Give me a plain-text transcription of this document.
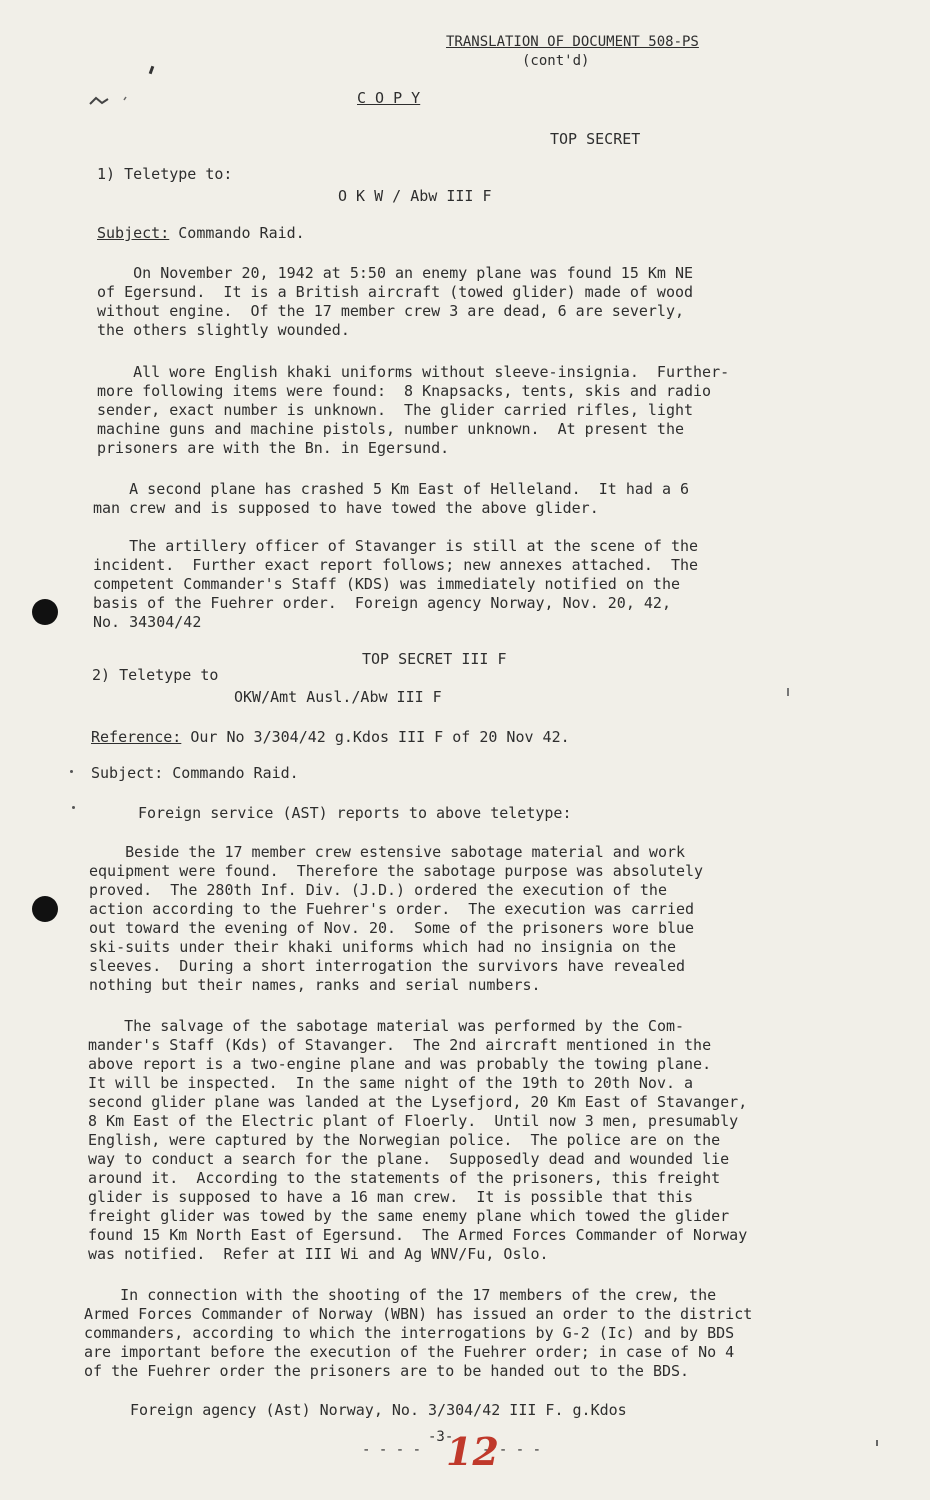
TRANSLATION OF DOCUMENT 508-PS
(cont'd)
C O P Y
TOP SECRET
1) Teletype to:
O K W / Abw III F
Subject: Commando Raid.
On November 20, 1942 at 5:50 an enemy plane was found 15 Km NE
of Egersund.  It is a British aircraft (towed glider) made of wood
without engine.  Of the 17 member crew 3 are dead, 6 are severly,
the others slightly wounded.
All wore English khaki uniforms without sleeve-insignia.  Further-
more following items were found:  8 Knapsacks, tents, skis and radio
sender, exact number is unknown.  The glider carried rifles, light
machine guns and machine pistols, number unknown.  At present the
prisoners are with the Bn. in Egersund.
A second plane has crashed 5 Km East of Helleland.  It had a 6
man crew and is supposed to have towed the above glider.
The artillery officer of Stavanger is still at the scene of the
incident.  Further exact report follows; new annexes attached.  The
competent Commander's Staff (KDS) was immediately notified on the
basis of the Fuehrer order.  Foreign agency Norway, Nov. 20, 42,
No. 34304/42
TOP SECRET III F
2) Teletype to
OKW/Amt Ausl./Abw III F
Reference: Our No 3/304/42 g.Kdos III F of 20 Nov 42.
Subject: Commando Raid.
Foreign service (AST) reports to above teletype:
Beside the 17 member crew estensive sabotage material and work
equipment were found.  Therefore the sabotage purpose was absolutely
proved.  The 280th Inf. Div. (J.D.) ordered the execution of the
action according to the Fuehrer's order.  The execution was carried
out toward the evening of Nov. 20.  Some of the prisoners wore blue
ski-suits under their khaki uniforms which had no insignia on the
sleeves.  During a short interrogation the survivors have revealed
nothing but their names, ranks and serial numbers.
The salvage of the sabotage material was performed by the Com-
mander's Staff (Kds) of Stavanger.  The 2nd aircraft mentioned in the
above report is a two-engine plane and was probably the towing plane.
It will be inspected.  In the same night of the 19th to 20th Nov. a
second glider plane was landed at the Lysefjord, 20 Km East of Stavanger,
8 Km East of the Electric plant of Floerly.  Until now 3 men, presumably
English, were captured by the Norwegian police.  The police are on the
way to conduct a search for the plane.  Supposedly dead and wounded lie
around it.  According to the statements of the prisoners, this freight
glider is supposed to have a 16 man crew.  It is possible that this
freight glider was towed by the same enemy plane which towed the glider
found 15 Km North East of Egersund.  The Armed Forces Commander of Norway
was notified.  Refer at III Wi and Ag WNV/Fu, Oslo.
In connection with the shooting of the 17 members of the crew, the
Armed Forces Commander of Norway (WBN) has issued an order to the district
commanders, according to which the interrogations by G-2 (Ic) and by BDS
are important before the execution of the Fuehrer order; in case of No 4
of the Fuehrer order the prisoners are to be handed out to the BDS.
Foreign agency (Ast) Norway, No. 3/304/42 III F. g.Kdos
-3-
- - - -	- - - -
12
